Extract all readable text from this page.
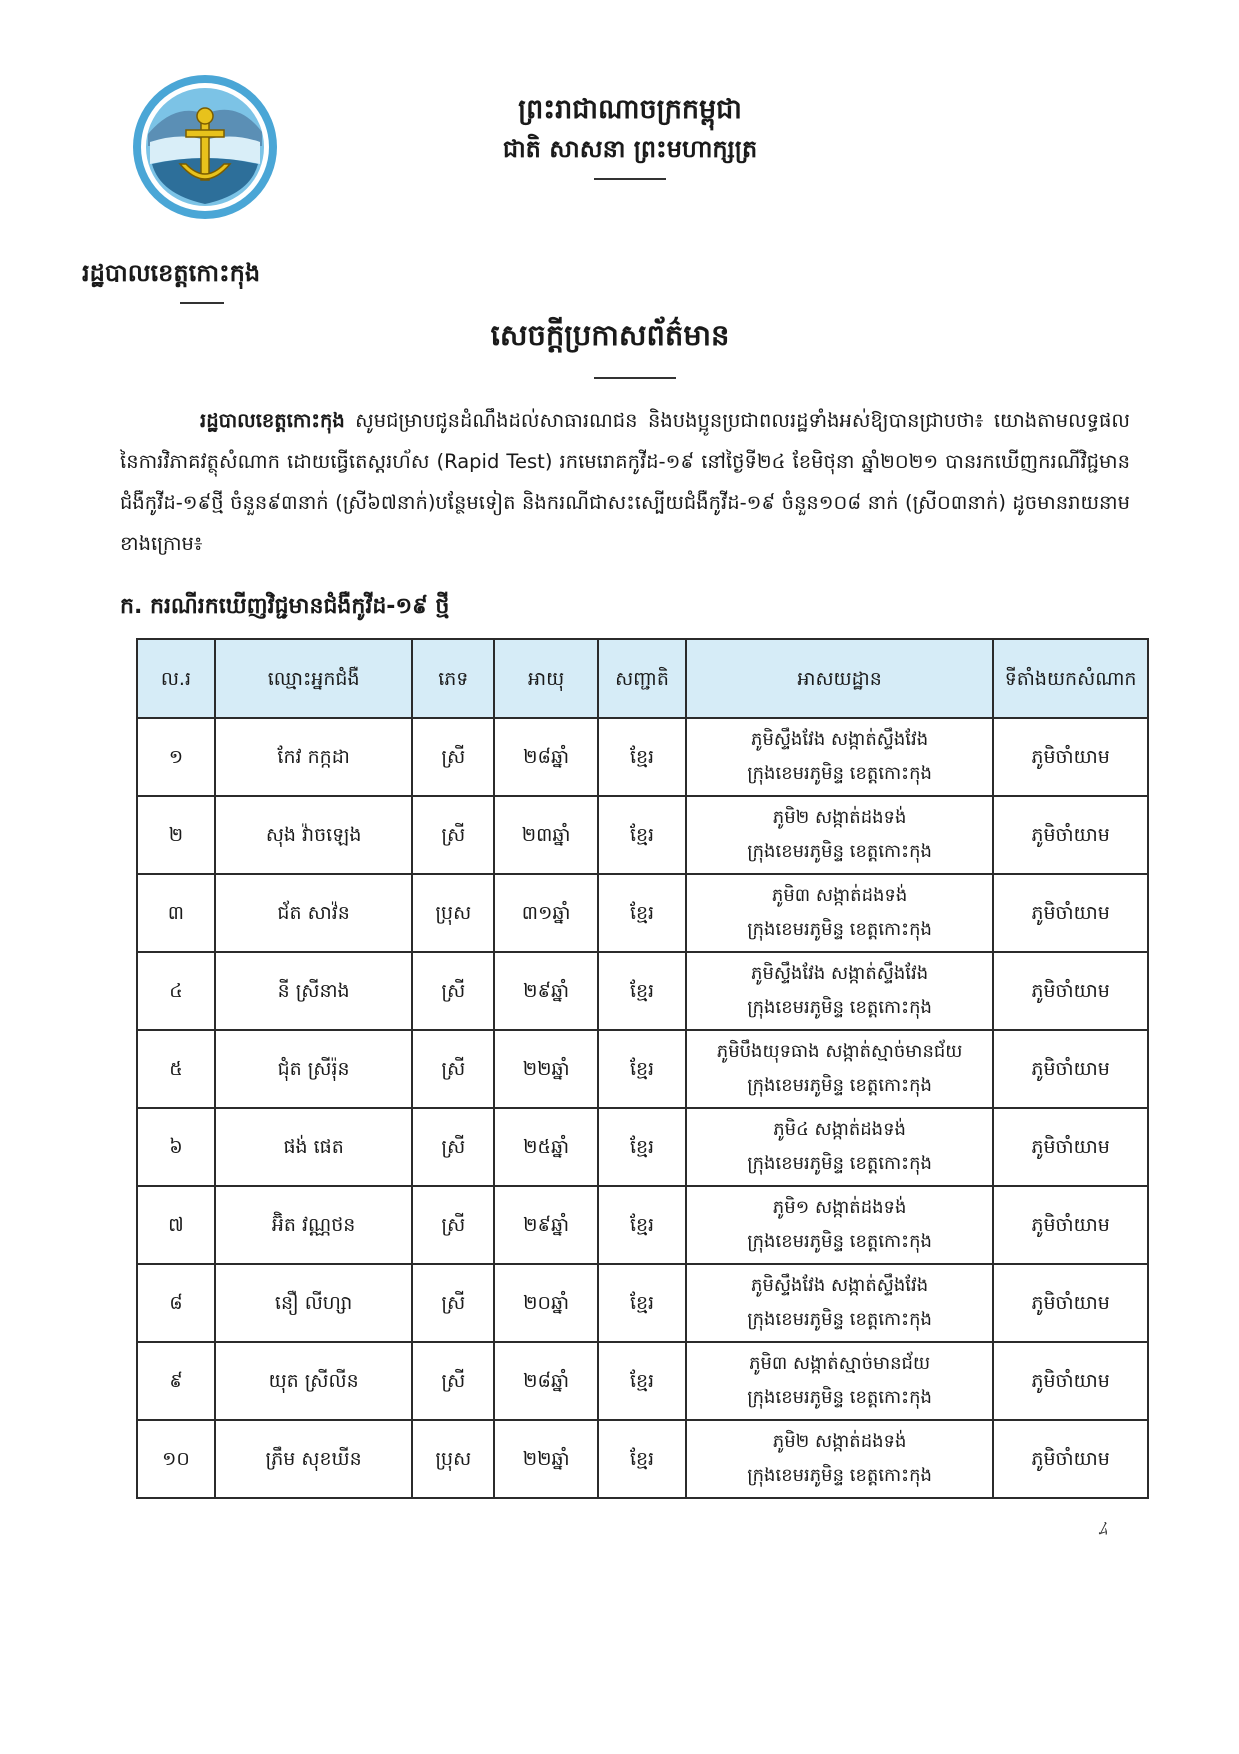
ព្រះរាជាណាចក្រកម្ពុជា
ជាតិ សាសនា ព្រះមហាក្សត្រ
រដ្ឋបាលខេត្តកោះកុង
សេចក្តីប្រកាសព័ត៌មាន
រដ្ឋបាលខេត្តកោះកុង សូមជម្រាបជូនដំណឹងដល់សាធារណជន និងបងប្អូនប្រជាពលរដ្ឋទាំងអស់ឱ្យបានជ្រាបថា៖ យោងតាមលទ្ធផលនៃការវិភាគវត្ថុសំណាក ដោយធ្វើតេស្តរហ័ស (Rapid Test) រកមេរោគកូវីដ-១៩ នៅថ្ងៃទី២៤ ខែមិថុនា ឆ្នាំ២០២១ បានរកឃើញករណីវិជ្ជមានជំងឺកូវីដ-១៩ថ្មី ចំនួន៩៣នាក់ (ស្រី៦៧នាក់)បន្ថែមទៀត និងករណីជាសះស្បើយជំងឺកូវីដ-១៩ ចំនួន១០៨ នាក់ (ស្រី០៣នាក់) ដូចមានរាយនាមខាងក្រោម៖
ក. ករណីរកឃើញវិជ្ជមានជំងឺកូវីដ-១៩ ថ្មី
ល.រ	ឈ្មោះអ្នកជំងឺ	ភេទ	អាយុ	សញ្ជាតិ	អាសយដ្ឋាន	ទីតាំងយកសំណាក
១	កែវ កក្កដា	ស្រី	២៨ឆ្នាំ	ខ្មែរ	ភូមិស្ទឹងវែង សង្កាត់ស្ទឹងវែង
ក្រុងខេមរភូមិន្ទ ខេត្តកោះកុង	ភូមិចាំយាម
២	សុង វ៉ាចឡេង	ស្រី	២៣ឆ្នាំ	ខ្មែរ	ភូមិ២ សង្កាត់ដងទង់
ក្រុងខេមរភូមិន្ទ ខេត្តកោះកុង	ភូមិចាំយាម
៣	ជ័ត សាវ៉ន	ប្រុស	៣១ឆ្នាំ	ខ្មែរ	ភូមិ៣ សង្កាត់ដងទង់
ក្រុងខេមរភូមិន្ទ ខេត្តកោះកុង	ភូមិចាំយាម
៤	នី ស្រីនាង	ស្រី	២៩ឆ្នាំ	ខ្មែរ	ភូមិស្ទឹងវែង សង្កាត់ស្ទឹងវែង
ក្រុងខេមរភូមិន្ទ ខេត្តកោះកុង	ភូមិចាំយាម
៥	ជុំត ស្រីរ៉ុន	ស្រី	២២ឆ្នាំ	ខ្មែរ	ភូមិបឹងយុទធាង សង្កាត់ស្មាច់មានជ័យ
ក្រុងខេមរភូមិន្ទ ខេត្តកោះកុង	ភូមិចាំយាម
៦	ផង់ ផេត	ស្រី	២៥ឆ្នាំ	ខ្មែរ	ភូមិ៤ សង្កាត់ដងទង់
ក្រុងខេមរភូមិន្ទ ខេត្តកោះកុង	ភូមិចាំយាម
៧	អ៊ិត វណ្ណថន	ស្រី	២៩ឆ្នាំ	ខ្មែរ	ភូមិ១ សង្កាត់ដងទង់
ក្រុងខេមរភូមិន្ទ ខេត្តកោះកុង	ភូមិចាំយាម
៨	នឿ លីហ្សា	ស្រី	២០ឆ្នាំ	ខ្មែរ	ភូមិស្ទឹងវែង សង្កាត់ស្ទឹងវែង
ក្រុងខេមរភូមិន្ទ ខេត្តកោះកុង	ភូមិចាំយាម
៩	យុត ស្រីលីន	ស្រី	២៨ឆ្នាំ	ខ្មែរ	ភូមិ៣ សង្កាត់ស្មាច់មានជ័យ
ក្រុងខេមរភូមិន្ទ ខេត្តកោះកុង	ភូមិចាំយាម
១០	ភ្រឹម សុខឃីន	ប្រុស	២២ឆ្នាំ	ខ្មែរ	ភូមិ២ សង្កាត់ដងទង់
ក្រុងខេមរភូមិន្ទ ខេត្តកោះកុង	ភូមិចាំយាម
ﾑ
